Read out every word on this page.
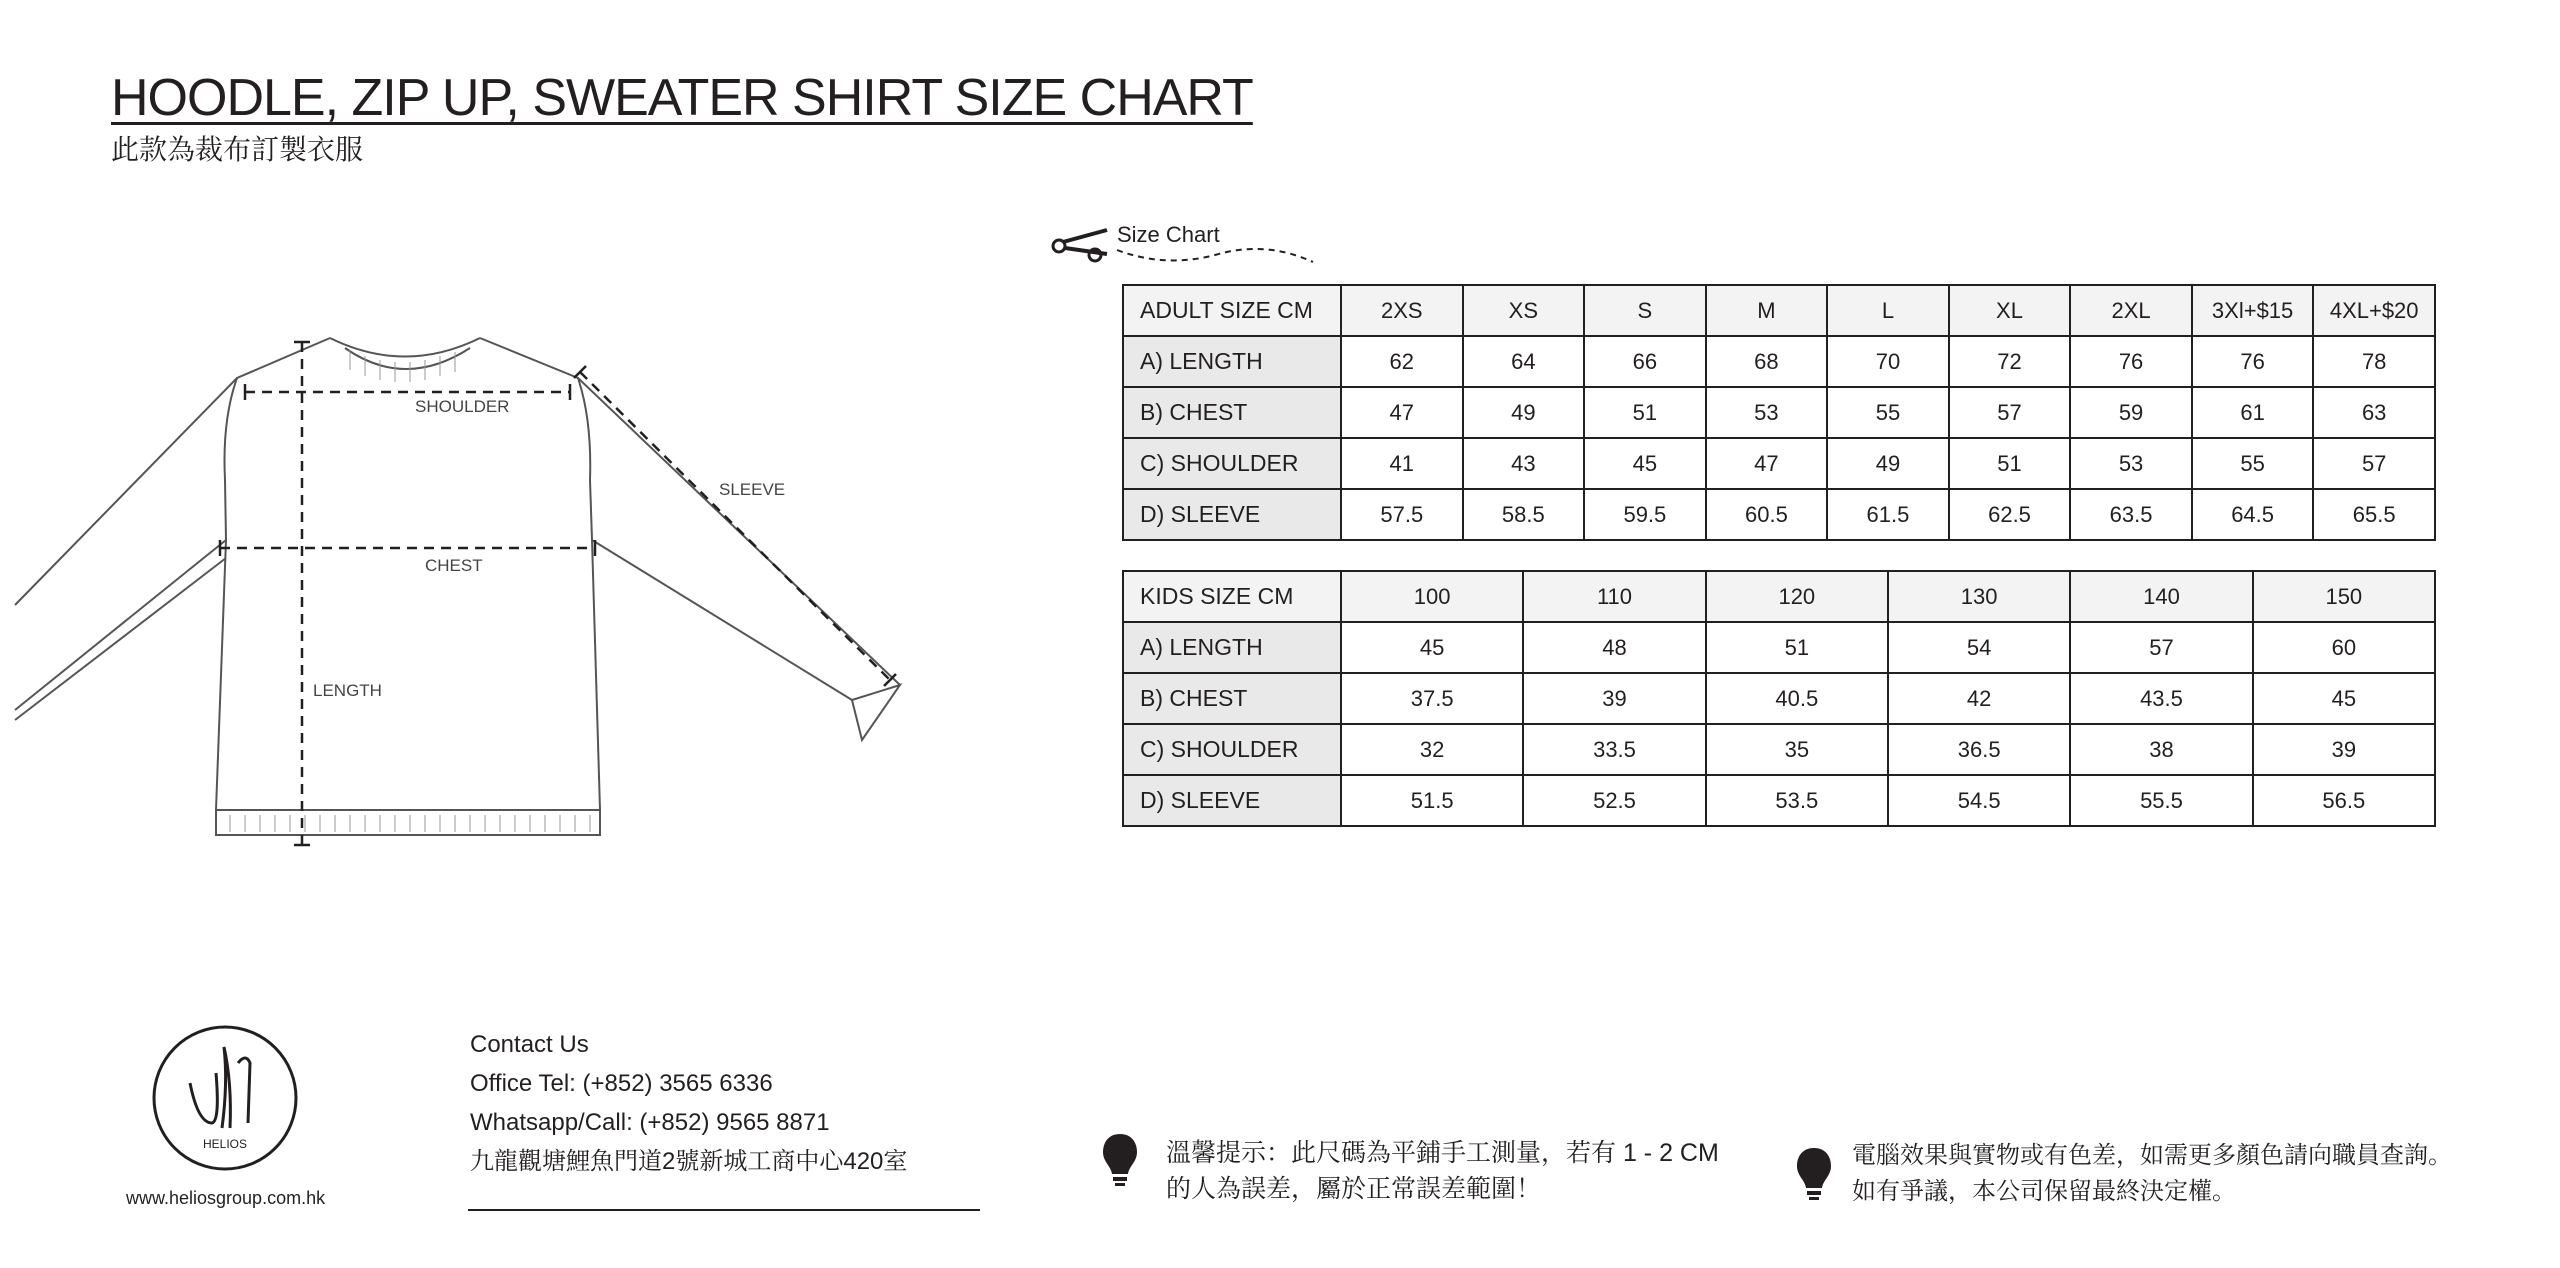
HOODLE, ZIP UP, SWEATER SHIRT SIZE CHART
此款為裁布訂製衣服
SHOULDER
SLEEVE
CHEST
LENGTH
Size Chart
ADULT SIZE CM	2XS	XS	S	M	L	XL	2XL	3Xl+$15	4XL+$20
A) LENGTH	62	64	66	68	70	72	76	76	78
B) CHEST	47	49	51	53	55	57	59	61	63
C) SHOULDER	41	43	45	47	49	51	53	55	57
D) SLEEVE	57.5	58.5	59.5	60.5	61.5	62.5	63.5	64.5	65.5
KIDS SIZE CM	100	110	120	130	140	150
A) LENGTH	45	48	51	54	57	60
B) CHEST	37.5	39	40.5	42	43.5	45
C) SHOULDER	32	33.5	35	36.5	38	39
D) SLEEVE	51.5	52.5	53.5	54.5	55.5	56.5
HELIOS
www.heliosgroup.com.hk
Contact Us
Office Tel: (+852) 3565 6336
Whatsapp/Call: (+852) 9565 8871
九龍觀塘鯉魚門道2號新城工商中心420室	溫馨提示：此尺碼為平鋪手工測量，若有 1 - 2 CM
的人為誤差，屬於正常誤差範圍！
電腦效果與實物或有色差，如需更多顏色請向職員查詢。
如有爭議，本公司保留最終決定權。
